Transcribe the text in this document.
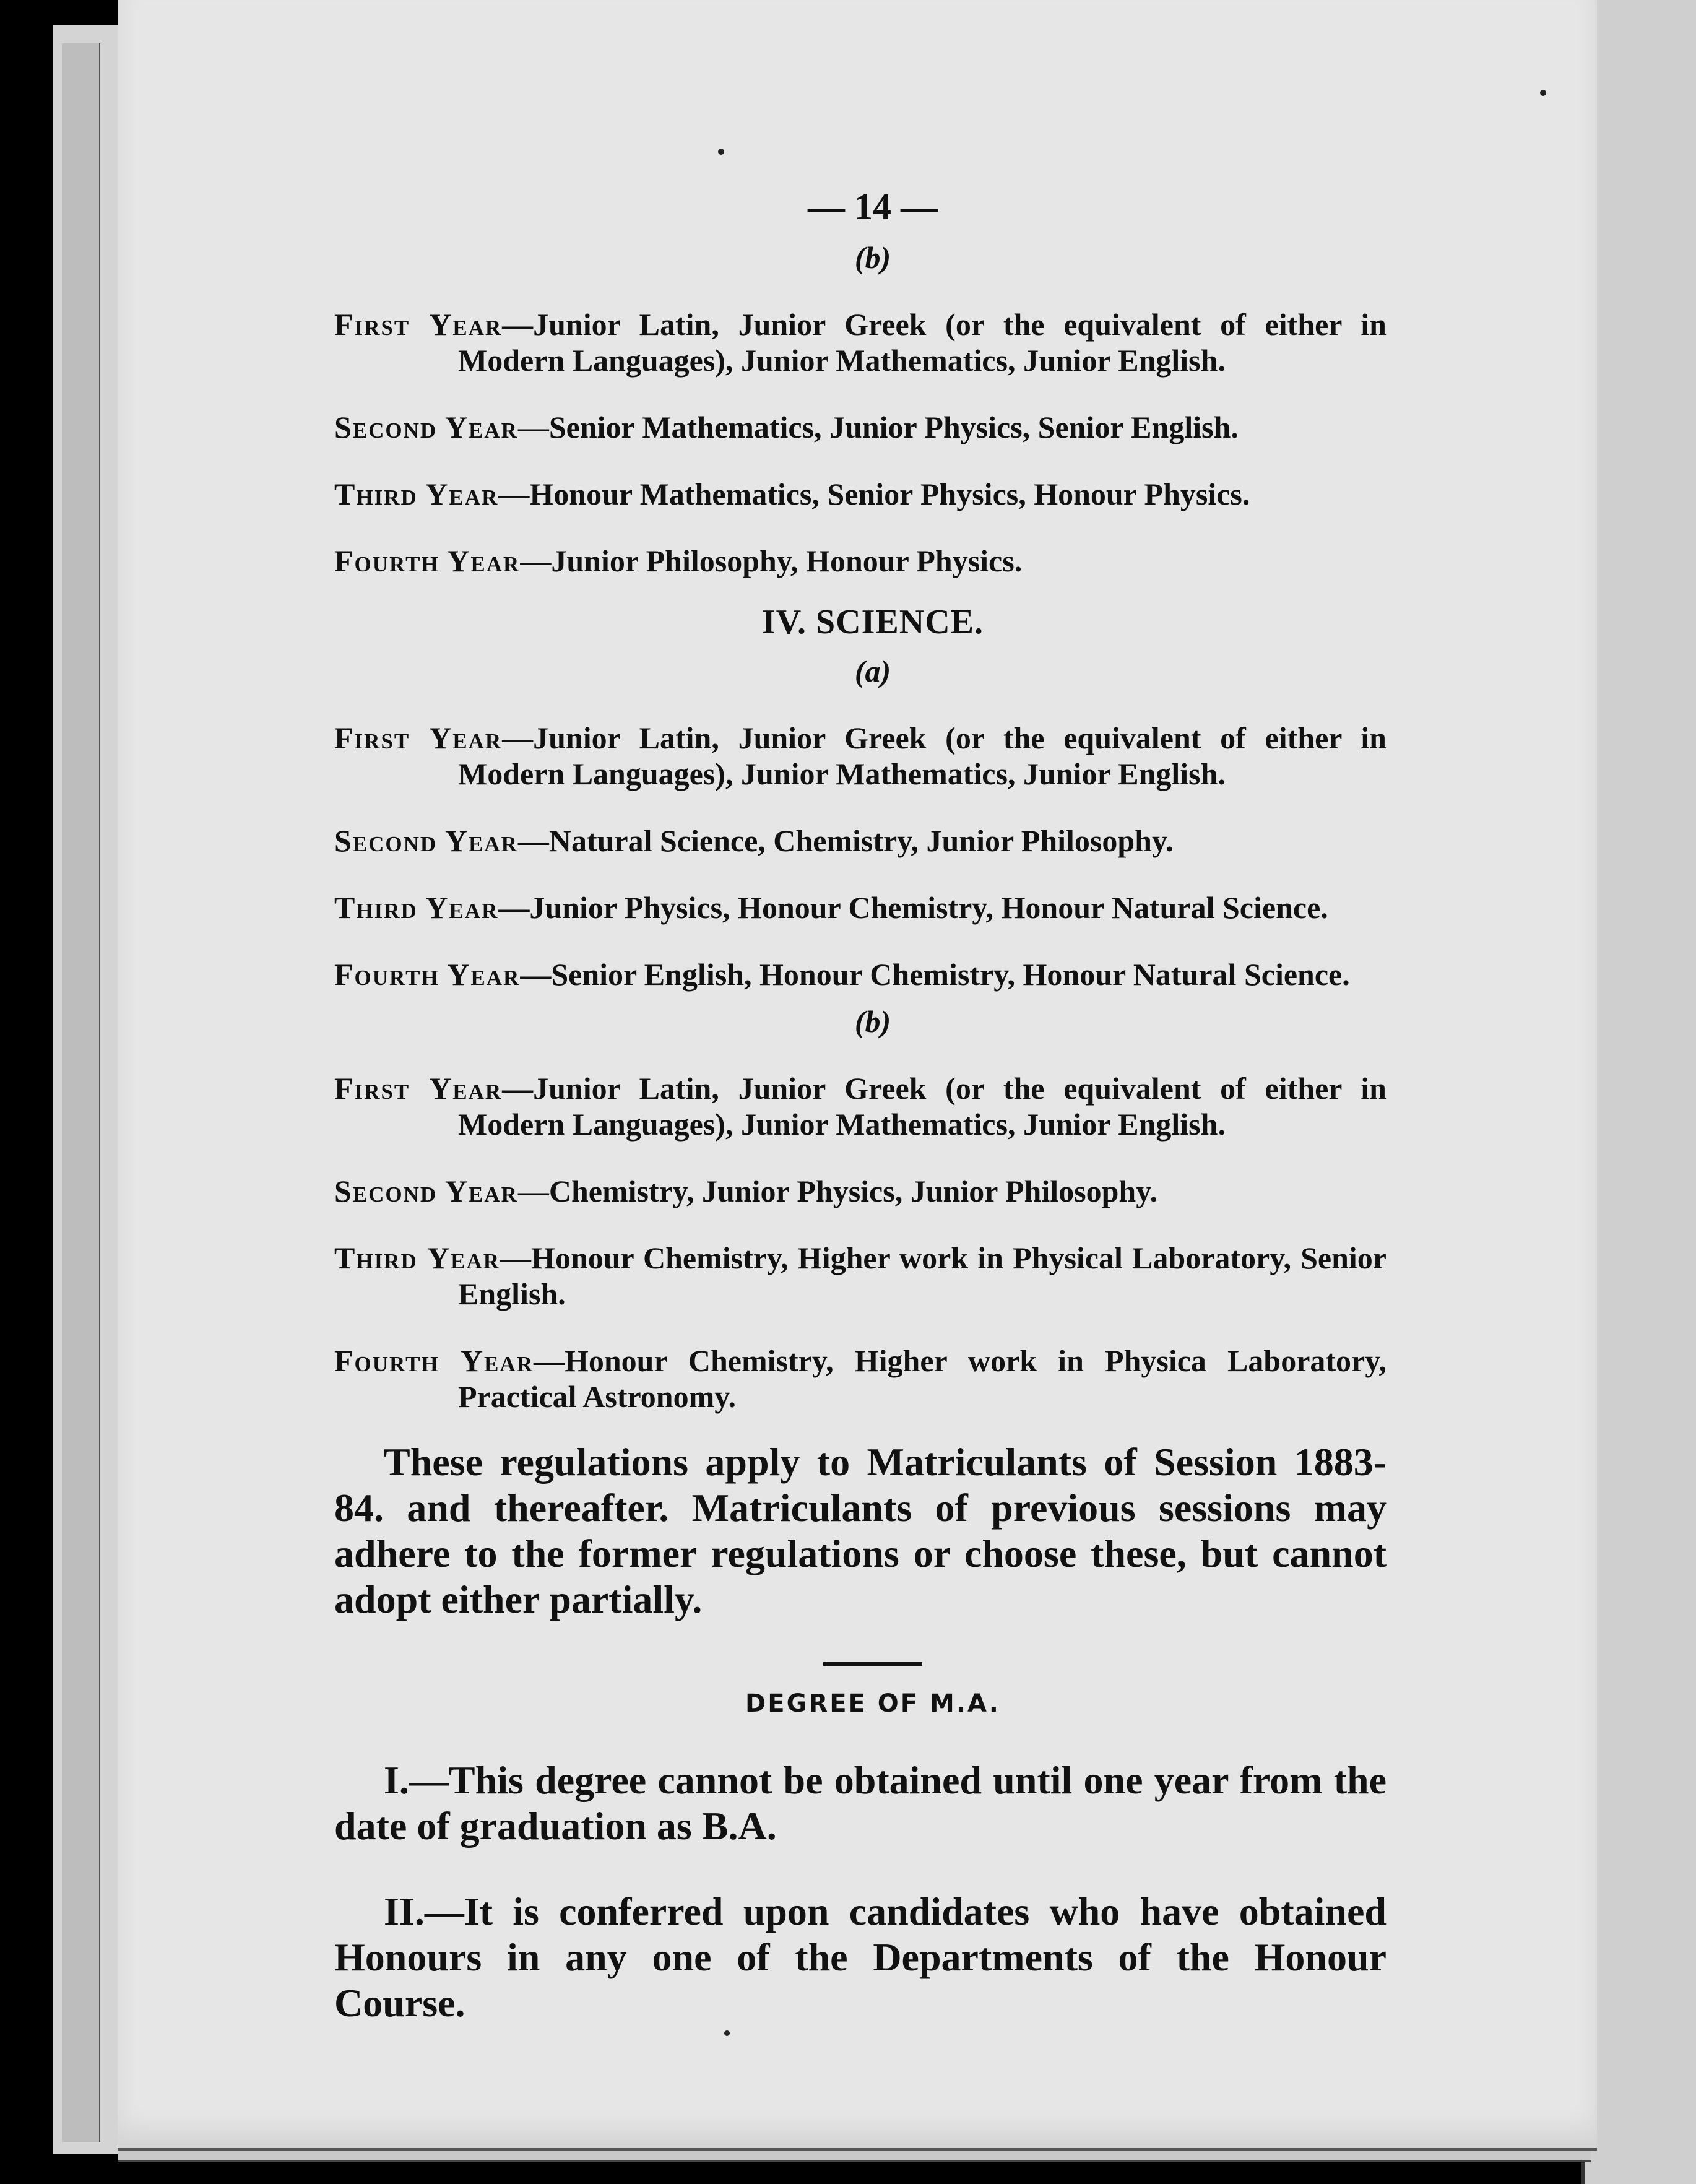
— 14 —
(b)

First Year—Junior Latin, Junior Greek (or the equivalent of either in Modern Languages), Junior Mathematics, Junior English.

Second Year—Senior Mathematics, Junior Physics, Senior English.

Third Year—Honour Mathematics, Senior Physics, Honour Physics.

Fourth Year—Junior Philosophy, Honour Physics.

IV. SCIENCE.
(a)

First Year—Junior Latin, Junior Greek (or the equivalent of either in Modern Languages), Junior Mathematics, Junior English.

Second Year—Natural Science, Chemistry, Junior Philosophy.

Third Year—Junior Physics, Honour Chemistry, Honour Natural Science.

Fourth Year—Senior English, Honour Chemistry, Honour Natural Science.

(b)

First Year—Junior Latin, Junior Greek (or the equivalent of either in Modern Languages), Junior Mathematics, Junior English.

Second Year—Chemistry, Junior Physics, Junior Philosophy.

Third Year—Honour Chemistry, Higher work in Physical Laboratory, Senior English.

Fourth Year—Honour Chemistry, Higher work in Physica Laboratory, Practical Astronomy.

These regulations apply to Matriculants of Session 1883-84. and thereafter. Matriculants of previous sessions may adhere to the former regulations or choose these, but cannot adopt either partially.

DEGREE OF M.A.

I.—This degree cannot be obtained until one year from the date of graduation as B.A.

II.—It is conferred upon candidates who have obtained Honours in any one of the Departments of the Honour Course.
